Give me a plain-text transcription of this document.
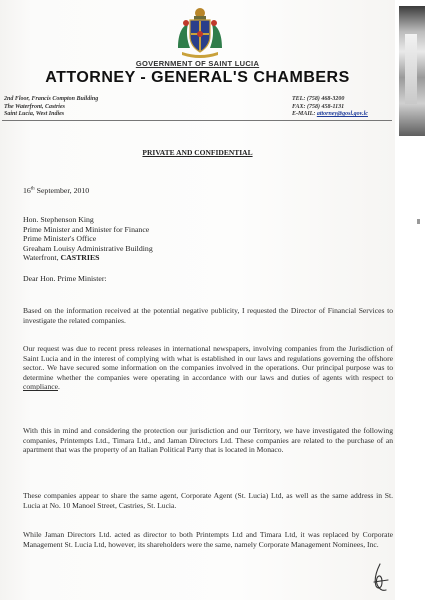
GOVERNMENT OF SAINT LUCIA
ATTORNEY - GENERAL'S CHAMBERS
2nd Floor, Francis Compton Building
The Waterfront, Castries
Saint Lucia, West Indies
TEL: (758) 468-3200
FAX: (758) 458-1131
E-MAIL: attorney@gosl.gov.lc
PRIVATE AND CONFIDENTIAL
16th September, 2010
Hon. Stephenson King
Prime Minister and Minister for Finance
Prime Minister's Office
Greaham Louisy Administrative Building
Waterfront, CASTRIES
Dear Hon. Prime Minister:

Based on the information received at the potential negative publicity, I requested the Director of Financial Services to investigate the related companies.

Our request was due to recent press releases in international newspapers, involving companies from the Jurisdiction of Saint Lucia and in the interest of complying with what is established in our laws and regulations governing the offshore sector.. We have secured some information on the companies involved in the operations. Our principal purpose was to determine whether the companies were operating in accordance with our laws and duties of agents with respect to compliance.

With this in mind and considering the protection our jurisdiction and our Territory, we have investigated the following companies, Printempts Ltd., Timara Ltd., and Jaman Directors Ltd. These companies are related to the purchase of an apartment that was the property of an Italian Political Party that is located in Monaco.

These companies appear to share the same agent, Corporate Agent (St. Lucia) Ltd, as well as the same address in St. Lucia at No. 10 Manoel Street, Castries, St. Lucia.

While Jaman Directors Ltd. acted as director to both Printempts Ltd and Timara Ltd, it was replaced by Corporate Management St. Lucia Ltd, however, its shareholders were the same, namely Corporate Management Nominees, Inc.
